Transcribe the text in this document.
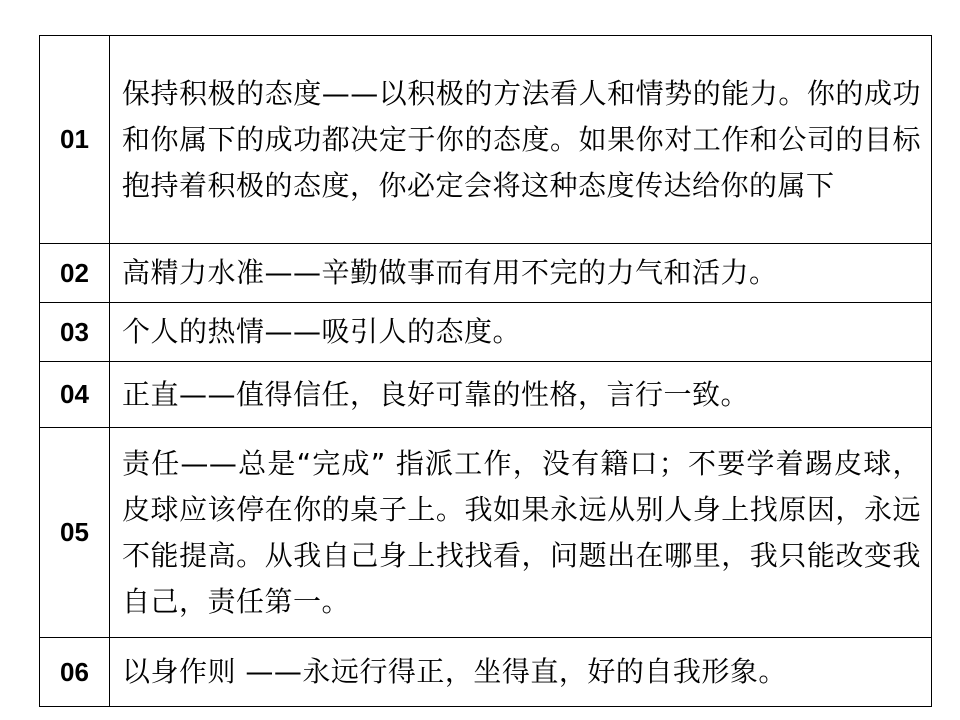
01	保持积极的态度——以积极的方法看人和情势的能力。你的成功和你属下的成功都决定于你的态度。如果你对工作和公司的目标抱持着积极的态度，你必定会将这种态度传达给你的属下
02	高精力水准——辛勤做事而有用不完的力气和活力。
03	个人的热情——吸引人的态度。
04	正直——值得信任，良好可靠的性格，言行一致。
05	责任——总是“完成” 指派工作，没有籍口；不要学着踢皮球，皮球应该停在你的桌子上。我如果永远从别人身上找原因，永远不能提高。从我自己身上找找看，问题出在哪里，我只能改变我自己，责任第一。
06	以身作则 ——永远行得正，坐得直，好的自我形象。
